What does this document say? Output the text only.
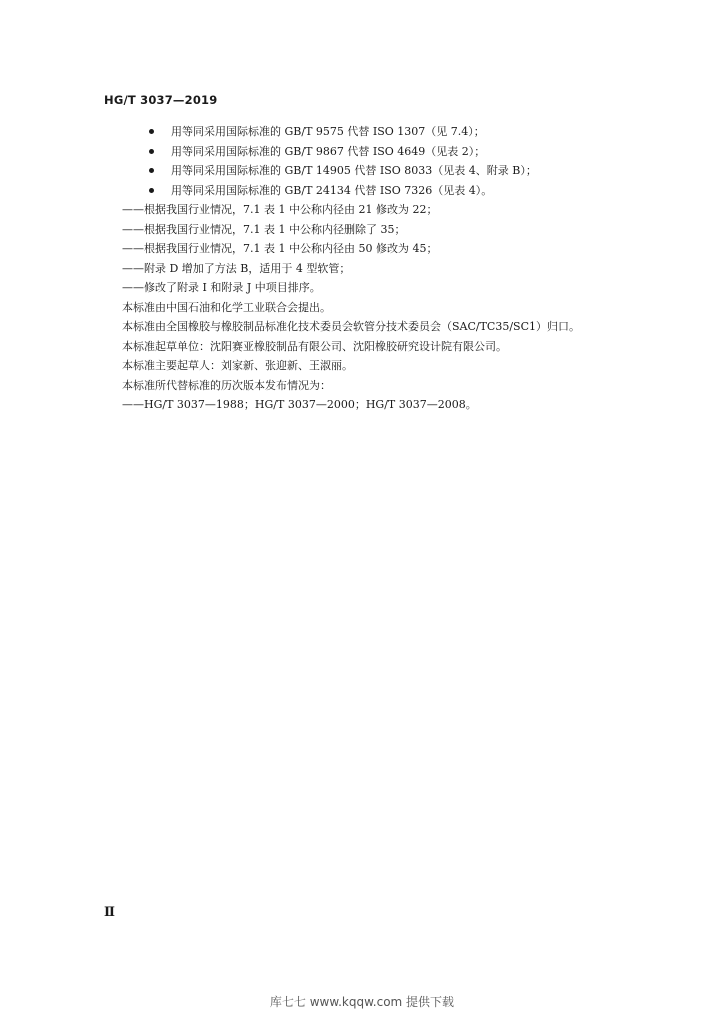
HG/T 3037—2019
用等同采用国际标准的 GB/T 9575 代替 ISO 1307（见 7.4）；
用等同采用国际标准的 GB/T 9867 代替 ISO 4649（见表 2）；
用等同采用国际标准的 GB/T 14905 代替 ISO 8033（见表 4、附录 B）；
用等同采用国际标准的 GB/T 24134 代替 ISO 7326（见表 4）。
——根据我国行业情况，7.1 表 1 中公称内径由 21 修改为 22；
——根据我国行业情况，7.1 表 1 中公称内径删除了 35；
——根据我国行业情况，7.1 表 1 中公称内径由 50 修改为 45；
——附录 D 增加了方法 B，适用于 4 型软管；
——修改了附录 I 和附录 J 中项目排序。
本标准由中国石油和化学工业联合会提出。
本标准由全国橡胶与橡胶制品标准化技术委员会软管分技术委员会（SAC/TC35/SC1）归口。
本标准起草单位：沈阳赛亚橡胶制品有限公司、沈阳橡胶研究设计院有限公司。
本标准主要起草人：刘家新、张迎新、王淑丽。
本标准所代替标准的历次版本发布情况为：
——HG/T 3037—1988；HG/T 3037—2000；HG/T 3037—2008。
Ⅱ
库七七 www.kqqw.com 提供下载
